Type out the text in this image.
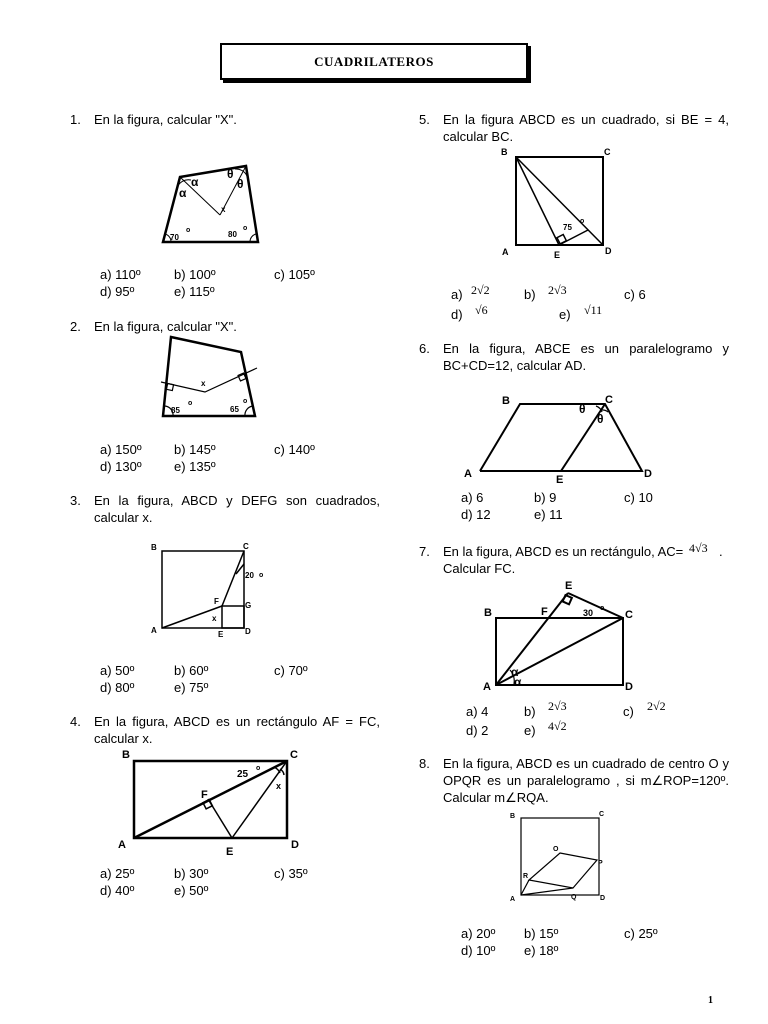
CUADRILATEROS
1. En la figura, calcular "X".
α
α
θ
θ
x
70
o	80
o
a) 110º	b) 100º	c) 105º
d) 95º	e) 115º
2. En la figura, calcular "X".
x
85
o
65
o
a) 150º b) 145º	c) 140º
d) 130º e) 135º
3. En la figura, ABCD y DEFG son cuadrados,
calcular x.
B	C
A	D
E
F	G
x
20 o
a) 50º	b) 60º	c) 70º
d) 80º	e) 75º
4. En la figura, ABCD es un rectángulo AF = FC,
calcular x.
B	C
A	D
E
F
x
25
o
a) 25º	b) 30º	c) 35º
d) 40º	e) 50º
5. En la figura ABCD es un cuadrado, si BE = 4,
calcular BC.
B	C
A	D
E
75
o
a) 2√2	b) 2√3	c) 6
d) √6	e) √11
6. En la figura, ABCE es un paralelogramo y
BC+CD=12, calcular AD.
B	C
A	D
E
θ
θ
a) 6	b) 9	c) 10
d) 12	e) 11
7. En la figura, ABCD es un rectángulo, AC= 4√3 .
Calcular FC.
B	C
A	D
E
F	30 o
α
α
a) 4	b) 2√3	c) 2√2
d) 2	e) 4√2
8. En la figura, ABCD es un cuadrado de centro O y
OPQR es un paralelogramo , si m∠ROP=120º.
Calcular m∠RQA.
B	C
A	D
O
P
Q
R
a) 20º b) 15º	c) 25º
d) 10º e) 18º
1
